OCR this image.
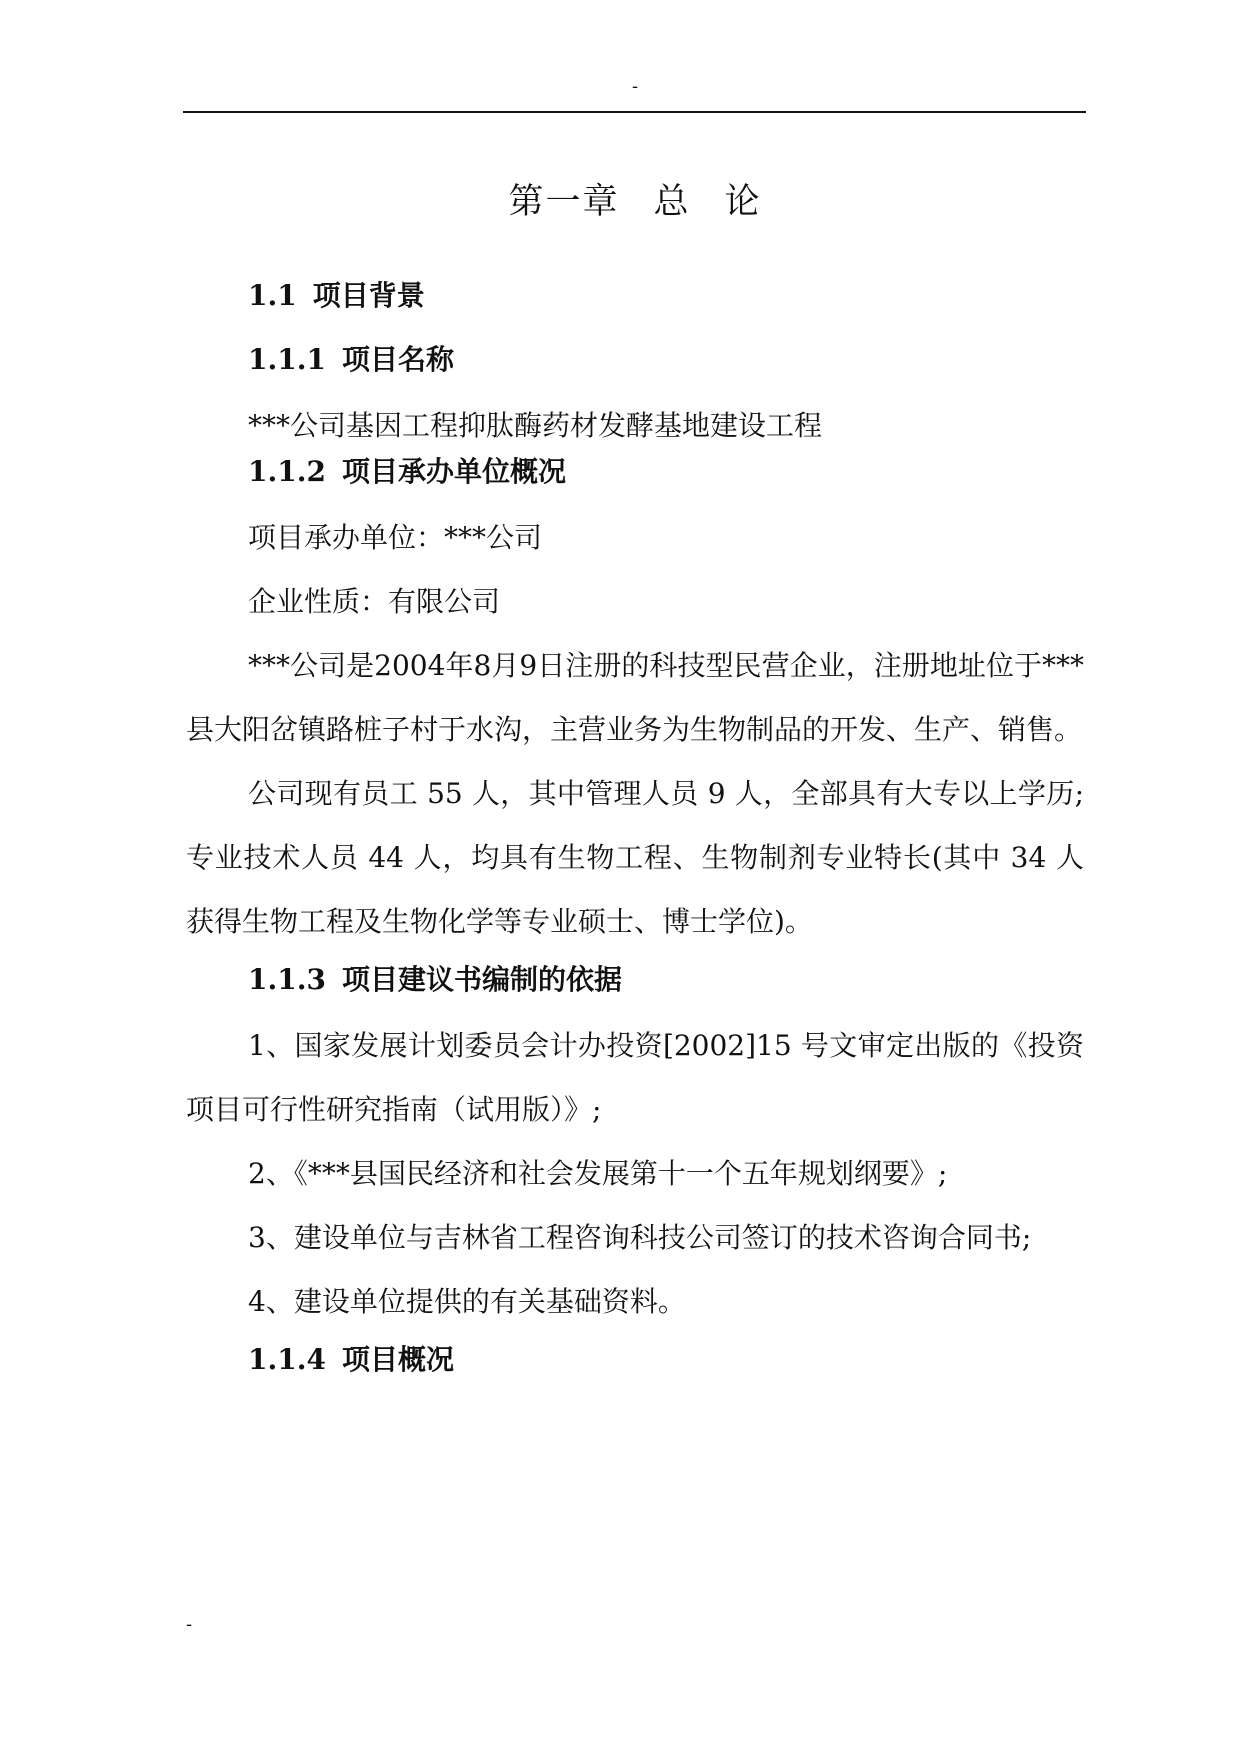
-
第一章 总 论
1.1 项目背景
1.1.1 项目名称

***公司基因工程抑肽酶药材发酵基地建设工程

1.1.2 项目承办单位概况

项目承办单位：***公司

企业性质：有限公司

***公司是2004年8月9日注册的科技型民营企业，注册地址位于***县大阳岔镇路桩子村于水沟，主营业务为生物制品的开发、生产、销售。

公司现有员工 55 人，其中管理人员 9 人，全部具有大专以上学历; 专业技术人员 44 人，均具有生物工程、生物制剂专业特长(其中 34 人获得生物工程及生物化学等专业硕士、博士学位)。

1.1.3 项目建议书编制的依据

1、国家发展计划委员会计办投资[2002]15 号文审定出版的《投资项目可行性研究指南（试用版）》;

2、《***县国民经济和社会发展第十一个五年规划纲要》;

3、建设单位与吉林省工程咨询科技公司签订的技术咨询合同书;

4、建设单位提供的有关基础资料。

1.1.4 项目概况
-
